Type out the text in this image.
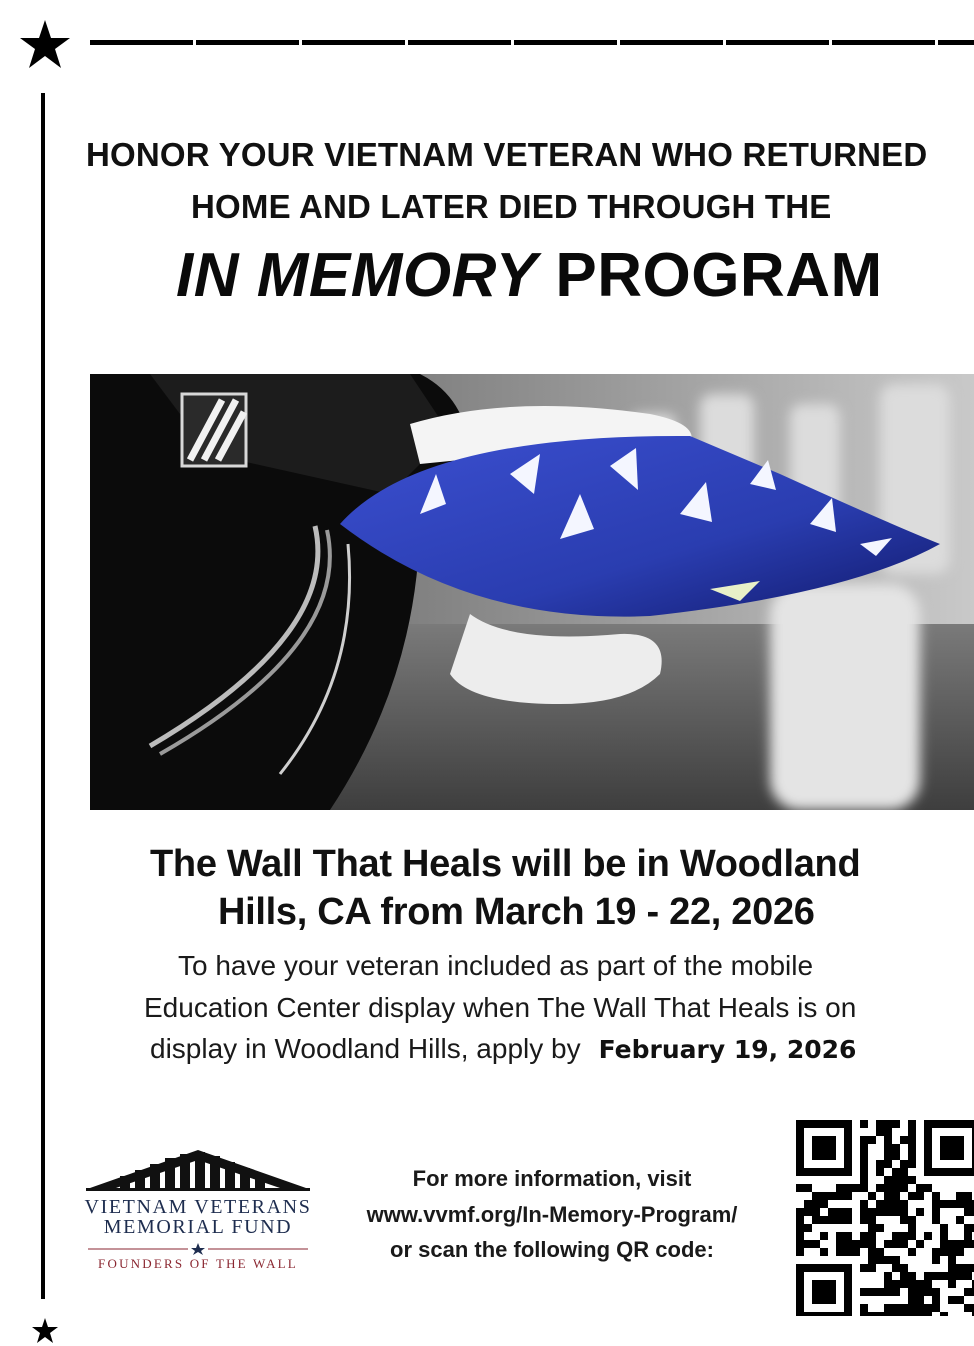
HONOR YOUR VIETNAM VETERAN WHO RETURNED
HOME AND LATER DIED THROUGH THE
IN MEMORY PROGRAM
The Wall That Heals will be in Woodland
Hills, CA from March 19 - 22, 2026
To have your veteran included as part of the mobile
Education Center display when The Wall That Heals is on
display in Woodland Hills, apply by February 19, 2026
VIETNAM VETERANS
MEMORIAL FUND
FOUNDERS OF THE WALL
For more information, visit
www.vvmf.org/In-Memory-Program/
or scan the following QR code:
